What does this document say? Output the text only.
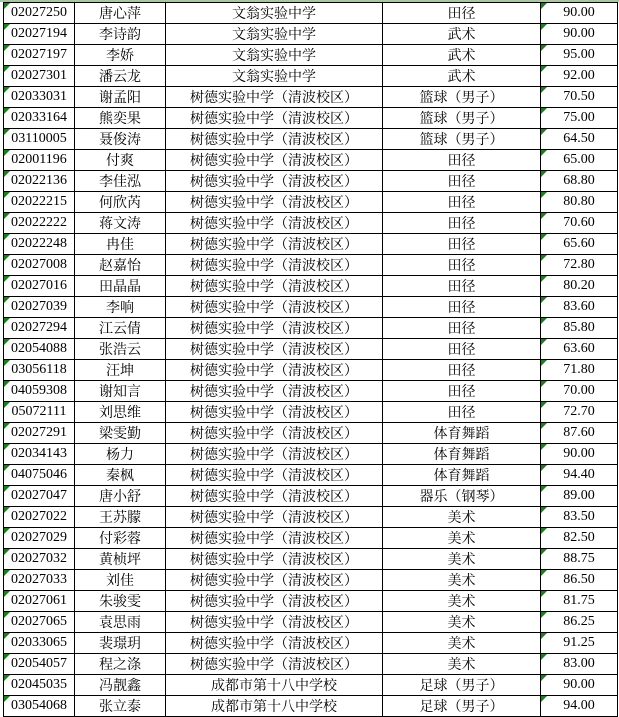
02027250	唐心萍	文翁实验中学	田径	90.00

02027194	李诗韵	文翁实验中学	武术	90.00

02027197	李娇	文翁实验中学	武术	95.00

02027301	潘云龙	文翁实验中学	武术	92.00

02033031	谢孟阳	树德实验中学（清波校区）	篮球（男子）	70.50

02033164	熊奕果	树德实验中学（清波校区）	篮球（男子）	75.00

03110005	聂俊涛	树德实验中学（清波校区）	篮球（男子）	64.50

02001196	付爽	树德实验中学（清波校区）	田径	65.00

02022136	李佳泓	树德实验中学（清波校区）	田径	68.80

02022215	何欣芮	树德实验中学（清波校区）	田径	80.80

02022222	蒋文涛	树德实验中学（清波校区）	田径	70.60

02022248	冉佳	树德实验中学（清波校区）	田径	65.60

02027008	赵嘉怡	树德实验中学（清波校区）	田径	72.80

02027016	田晶晶	树德实验中学（清波校区）	田径	80.20

02027039	李响	树德实验中学（清波校区）	田径	83.60

02027294	江云倩	树德实验中学（清波校区）	田径	85.80

02054088	张浩云	树德实验中学（清波校区）	田径	63.60

03056118	汪坤	树德实验中学（清波校区）	田径	71.80

04059308	谢知言	树德实验中学（清波校区）	田径	70.00

05072111	刘思维	树德实验中学（清波校区）	田径	72.70

02027291	梁雯勤	树德实验中学（清波校区）	体育舞蹈	87.60

02034143	杨力	树德实验中学（清波校区）	体育舞蹈	90.00

04075046	秦枫	树德实验中学（清波校区）	体育舞蹈	94.40

02027047	唐小舒	树德实验中学（清波校区）	器乐（钢琴）	89.00

02027022	王苏朦	树德实验中学（清波校区）	美术	83.50

02027029	付彩蓉	树德实验中学（清波校区）	美术	82.50

02027032	黄桢坪	树德实验中学（清波校区）	美术	88.75

02027033	刘佳	树德实验中学（清波校区）	美术	86.50

02027061	朱骏雯	树德实验中学（清波校区）	美术	81.75

02027065	袁思雨	树德实验中学（清波校区）	美术	86.25

02033065	裴璟玥	树德实验中学（清波校区）	美术	91.25

02054057	程之涤	树德实验中学（清波校区）	美术	83.00

02045035	冯靓鑫	成都市第十八中学校	足球（男子）	90.00

03054068	张立泰	成都市第十八中学校	足球（男子）	94.00
